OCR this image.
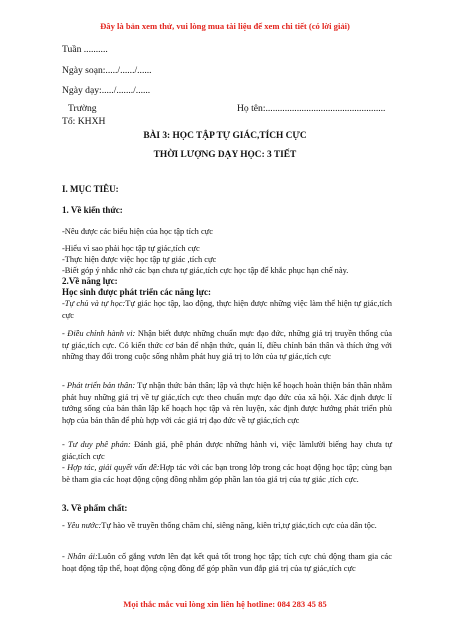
Đây là bản xem thử, vui lòng mua tài liệu để xem chi tiết (có lời giải)
Tuần ..........
Ngày soạn:...../....../......
Ngày dạy:...../......./......
Trường	Họ tên:..................................................
Tổ: KHXH
BÀI 3: HỌC TẬP TỰ GIÁC,TÍCH CỰC
THỜI LƯỢNG DẠY HỌC: 3 TIẾT
I. MỤC TIÊU:
1. Về kiến thức:
-Nêu được các biểu hiện của học tập tích cực
-Hiểu vì sao phải học tập tự giác,tích cực
-Thực hiện được việc học tập tự giác ,tích cực
-Biết góp ý nhắc nhở các bạn chưa tự giác,tích cực học tập để khắc phục hạn chế này.
2.Về năng lực:
Học sinh được phát triển các năng lực:
-Tự chủ và tự học:Tự giác học tập, lao động, thực hiện được những việc làm thể hiện tự giác,tích cực
- Điều chỉnh hành vi: Nhận biết được những chuẩn mực đạo đức, những giá trị truyền thống của tự giác,tích cực. Có kiến thức cơ bản để nhận thức, quản lí, điều chỉnh bản thân và thích ứng với những thay đổi trong cuộc sống nhằm phát huy giá trị to lớn của tự giác,tích cực
- Phát triển bản thân: Tự nhận thức bản thân; lập và thực hiện kế hoạch hoàn thiện bản thân nhằm phát huy những giá trị về tự giác,tích cực theo chuẩn mực đạo đức của xã hội. Xác định được lí tưởng sống của bản thân lập kế hoạch học tập và rèn luyện, xác định được hướng phát triển phù hợp của bản thân để phù hợp với các giá trị đạo đức về tự giác,tích cực
- Tư duy phê phán: Đánh giá, phê phán được những hành vi, việc làmlười biếng hay chưa tự giác,tích cực
- Hợp tác, giải quyết vấn đề:Hợp tác với các bạn trong lớp trong các hoạt động học tập; cùng bạn bè tham gia các hoạt động cộng đồng nhằm góp phần lan tỏa giá trị của tự giác ,tích cực.
3. Về phẩm chất:
- Yêu nước:Tự hào về truyền thống chăm chỉ, siêng năng, kiên trì,tự giác,tích cực của dân tộc.
- Nhân ái:Luôn cố gắng vươn lên đạt kết quả tốt trong học tập; tích cực chủ động tham gia các hoạt động tập thể, hoạt động cộng đồng để góp phần vun đắp giá trị của tự giác,tích cực
Mọi thắc mắc vui lòng xin liên hệ hotline: 084 283 45 85
